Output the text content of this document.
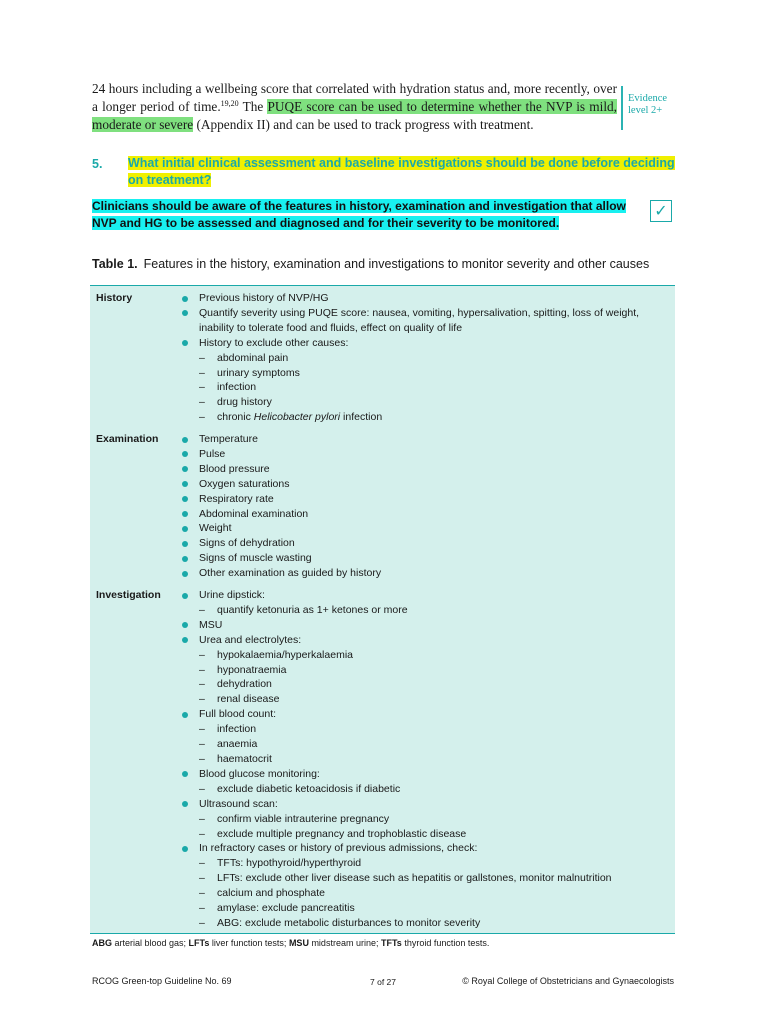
24 hours including a wellbeing score that correlated with hydration status and, more recently, over a longer period of time.$^{19,20}$ The PUQE score can be used to determine whether the NVP is mild, moderate or severe (Appendix II) and can be used to track progress with treatment.
Evidence
level 2+
5. What initial clinical assessment and baseline investigations should be done before deciding on treatment?
Clinicians should be aware of the features in history, examination and investigation that allow NVP and HG to be assessed and diagnosed and for their severity to be monitored.
✓
Table 1. Features in the history, examination and investigations to monitor severity and other causes
History	Previous history of NVP/HG
Quantify severity using PUQE score: nausea, vomiting, hypersalivation, spitting, loss of weight, inability to tolerate food and fluids, effect on quality of life
History to exclude other causes:
– abdominal pain
– urinary symptoms
– infection
– drug history
– chronic Helicobacter pylori infection
Examination	Temperature
Pulse
Blood pressure
Oxygen saturations
Respiratory rate
Abdominal examination
Weight
Signs of dehydration
Signs of muscle wasting
Other examination as guided by history
Investigation	Urine dipstick:
– quantify ketonuria as 1+ ketones or more
MSU
Urea and electrolytes:
– hypokalaemia/hyperkalaemia
– hyponatraemia
– dehydration
– renal disease
Full blood count:
– infection
– anaemia
– haematocrit
Blood glucose monitoring:
– exclude diabetic ketoacidosis if diabetic
Ultrasound scan:
– confirm viable intrauterine pregnancy
– exclude multiple pregnancy and trophoblastic disease
In refractory cases or history of previous admissions, check:
– TFTs: hypothyroid/hyperthyroid
– LFTs: exclude other liver disease such as hepatitis or gallstones, monitor malnutrition
– calcium and phosphate
– amylase: exclude pancreatitis
– ABG: exclude metabolic disturbances to monitor severity
ABG arterial blood gas; LFTs liver function tests; MSU midstream urine; TFTs thyroid function tests.
RCOG Green-top Guideline No. 69	7 of 27	© Royal College of Obstetricians and Gynaecologists
